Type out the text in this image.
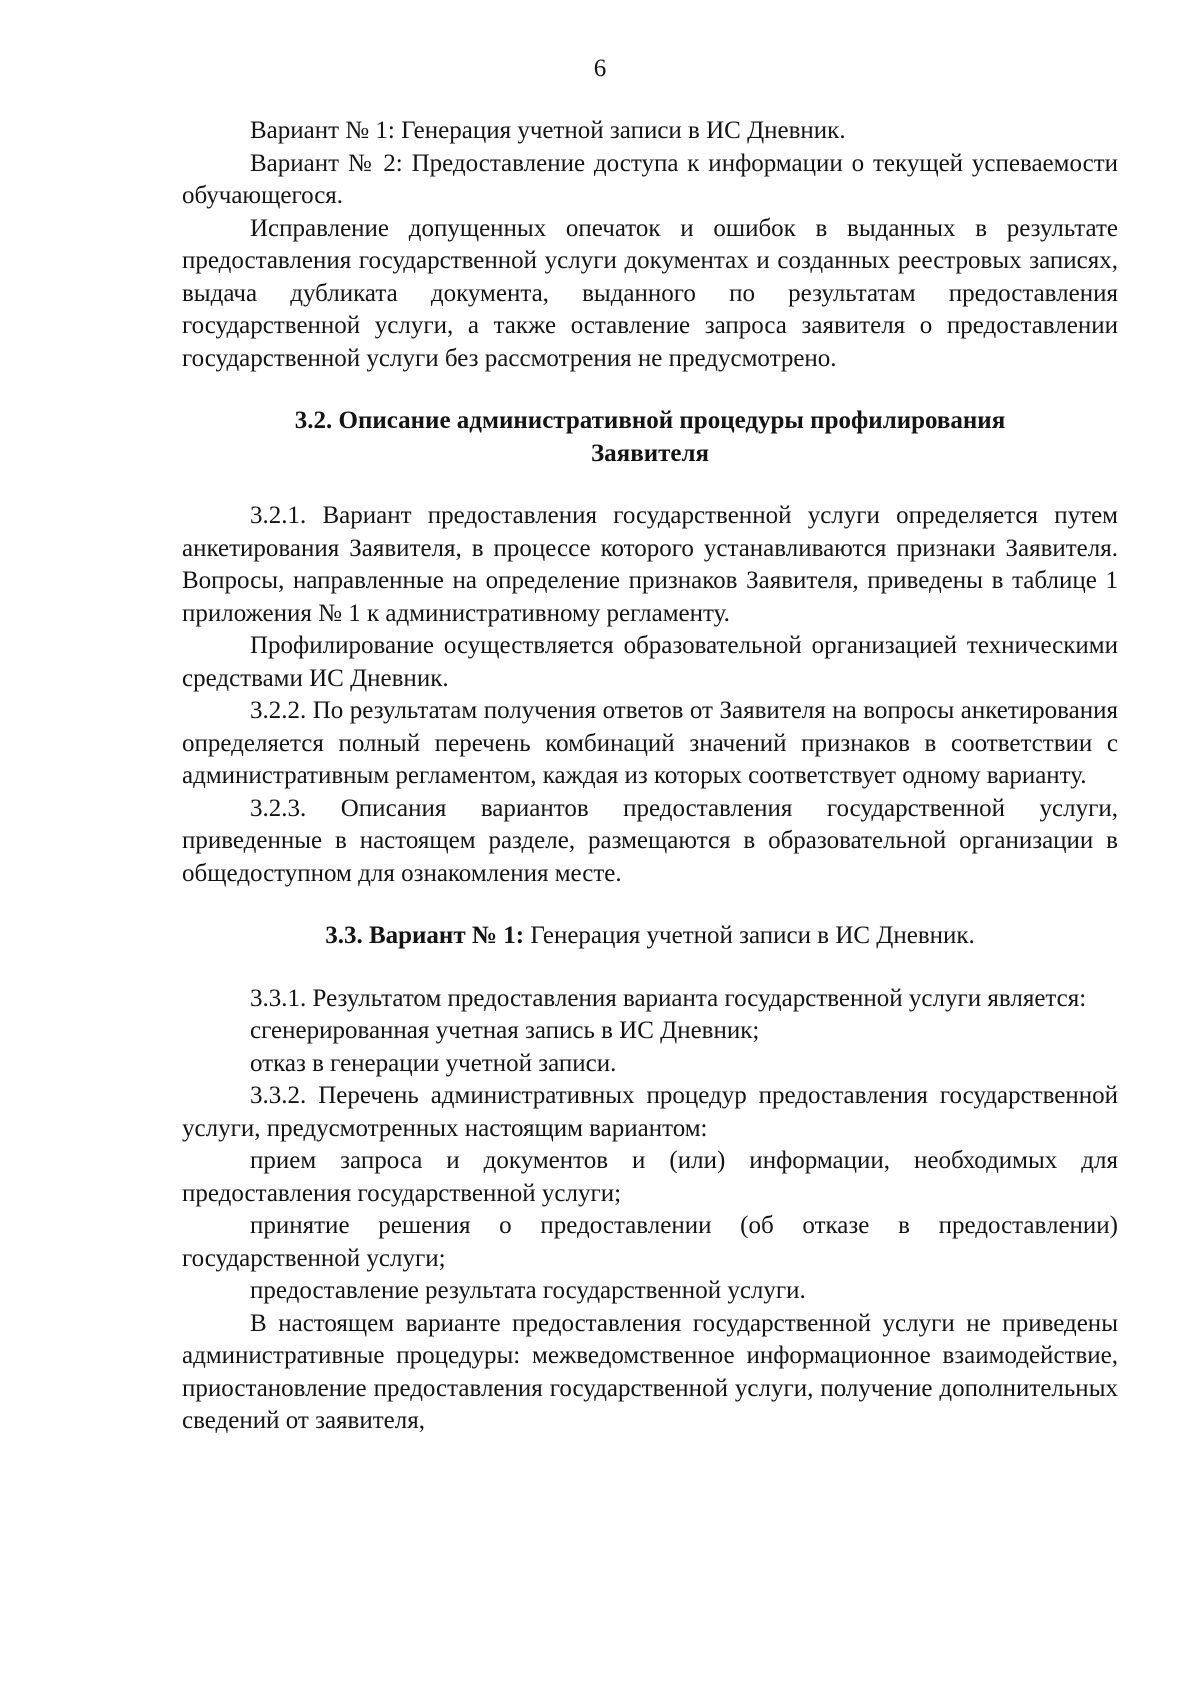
6

Вариант № 1: Генерация учетной записи в ИС Дневник.

Вариант № 2: Предоставление доступа к информации о текущей успеваемости обучающегося.

Исправление допущенных опечаток и ошибок в выданных в результате предоставления государственной услуги документах и созданных реестровых записях, выдача дубликата документа, выданного по результатам предоставления государственной услуги, а также оставление запроса заявителя о предоставлении государственной услуги без рассмотрения не предусмотрено.

3.2. Описание административной процедуры профилирования
Заявителя

3.2.1. Вариант предоставления государственной услуги определяется путем анкетирования Заявителя, в процессе которого устанавливаются признаки Заявителя. Вопросы, направленные на определение признаков Заявителя, приведены в таблице 1 приложения № 1 к административному регламенту.

Профилирование осуществляется образовательной организацией техническими средствами ИС Дневник.

3.2.2. По результатам получения ответов от Заявителя на вопросы анкетирования определяется полный перечень комбинаций значений признаков в соответствии с административным регламентом, каждая из которых соответствует одному варианту.

3.2.3. Описания вариантов предоставления государственной услуги, приведенные в настоящем разделе, размещаются в образовательной организации в общедоступном для ознакомления месте.

3.3. Вариант № 1: Генерация учетной записи в ИС Дневник.

3.3.1. Результатом предоставления варианта государственной услуги является:

сгенерированная учетная запись в ИС Дневник;

отказ в генерации учетной записи.

3.3.2. Перечень административных процедур предоставления государственной услуги, предусмотренных настоящим вариантом:

прием запроса и документов и (или) информации, необходимых для предоставления государственной услуги;

принятие решения о предоставлении (об отказе в предоставлении) государственной услуги;

предоставление результата государственной услуги.

В настоящем варианте предоставления государственной услуги не приведены административные процедуры: межведомственное информационное взаимодействие, приостановление предоставления государственной услуги, получение дополнительных сведений от заявителя,
